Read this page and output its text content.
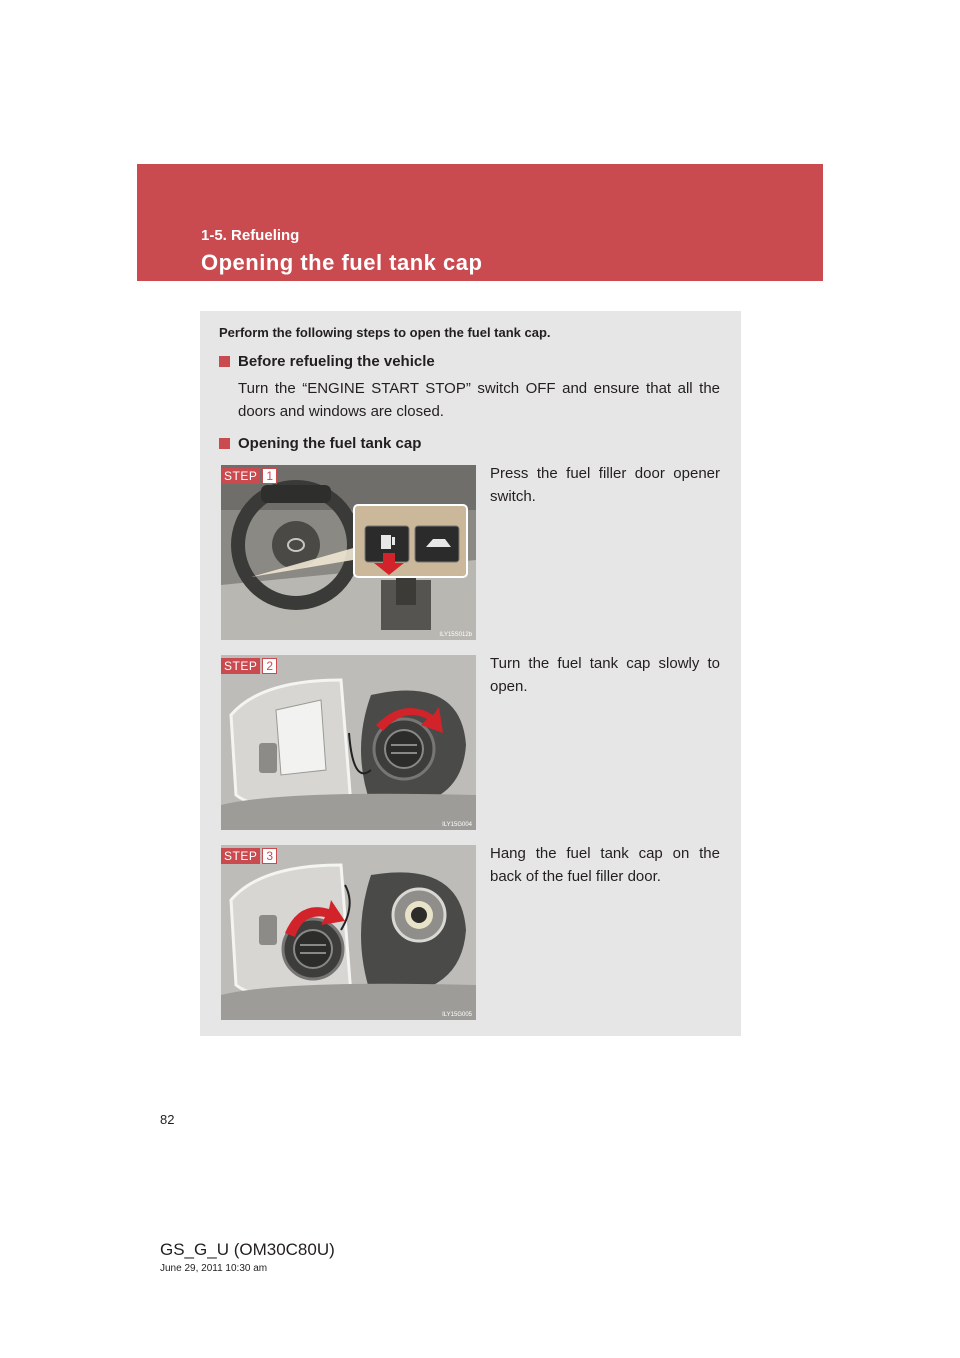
1-5. Refueling
Opening the fuel tank cap
Perform the following steps to open the fuel tank cap.
Before refueling the vehicle
Turn the “ENGINE START STOP” switch OFF and ensure that all the doors and windows are closed.
Opening the fuel tank cap
STEP 1
ILY15S012b
Press the fuel filler door opener switch.
STEP 2
ILY15G004
Turn the fuel tank cap slowly to open.
STEP 3
ILY15G005
Hang the fuel tank cap on the back of the fuel filler door.
82
GS_G_U (OM30C80U)
June 29, 2011 10:30 am
